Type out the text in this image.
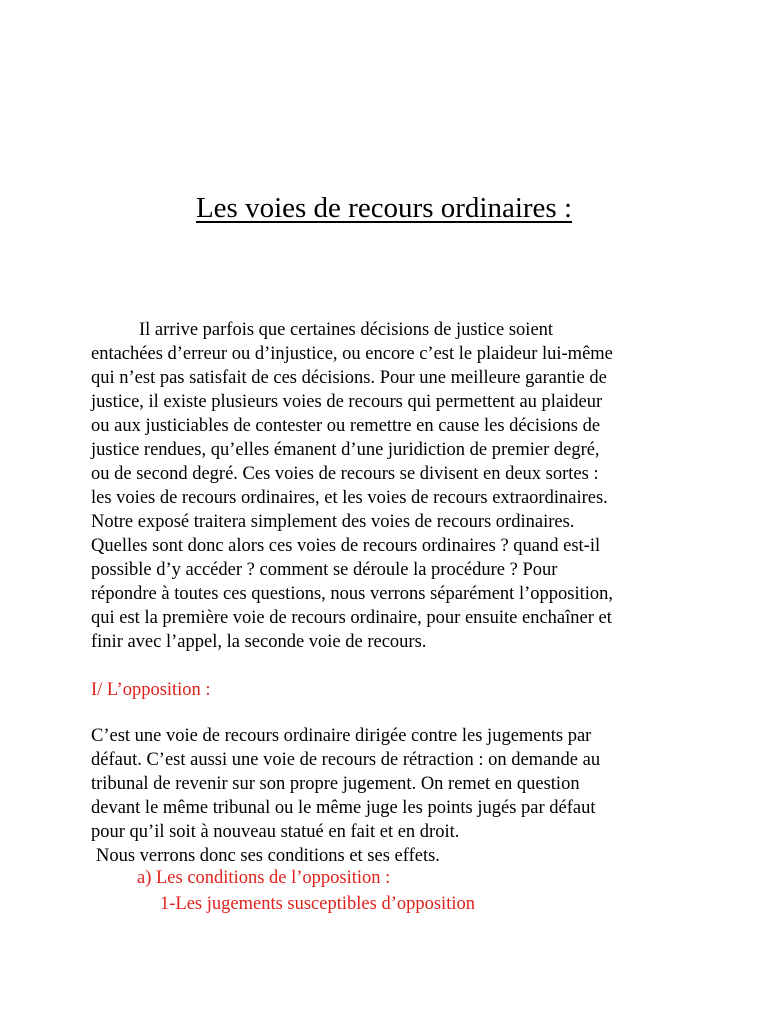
Les voies de recours ordinaires :
Il arrive parfois que certaines décisions de justice soient
entachées d’erreur ou d’injustice, ou encore c’est le plaideur lui-même
qui n’est pas satisfait de ces décisions. Pour une meilleure garantie de
justice, il existe plusieurs voies de recours qui permettent au plaideur
ou aux justiciables de contester ou remettre en cause les décisions de
justice rendues, qu’elles émanent d’une juridiction de premier degré,
ou de second degré. Ces voies de recours se divisent en deux sortes :
les voies de recours ordinaires, et les voies de recours extraordinaires.
Notre exposé traitera simplement des voies de recours ordinaires.
Quelles sont donc alors ces voies de recours ordinaires ? quand est-il
possible d’y accéder ? comment se déroule la procédure ? Pour
répondre à toutes ces questions, nous verrons séparément l’opposition,
qui est la première voie de recours ordinaire, pour ensuite enchaîner et
finir avec l’appel, la seconde voie de recours.
I/ L’opposition :
C’est une voie de recours ordinaire dirigée contre les jugements par
défaut. C’est aussi une voie de recours de rétraction : on demande au
tribunal de revenir sur son propre jugement. On remet en question
devant le même tribunal ou le même juge les points jugés par défaut
pour qu’il soit à nouveau statué en fait et en droit.
Nous verrons donc ses conditions et ses effets.
a) Les conditions de l’opposition :
1-Les jugements susceptibles d’opposition
